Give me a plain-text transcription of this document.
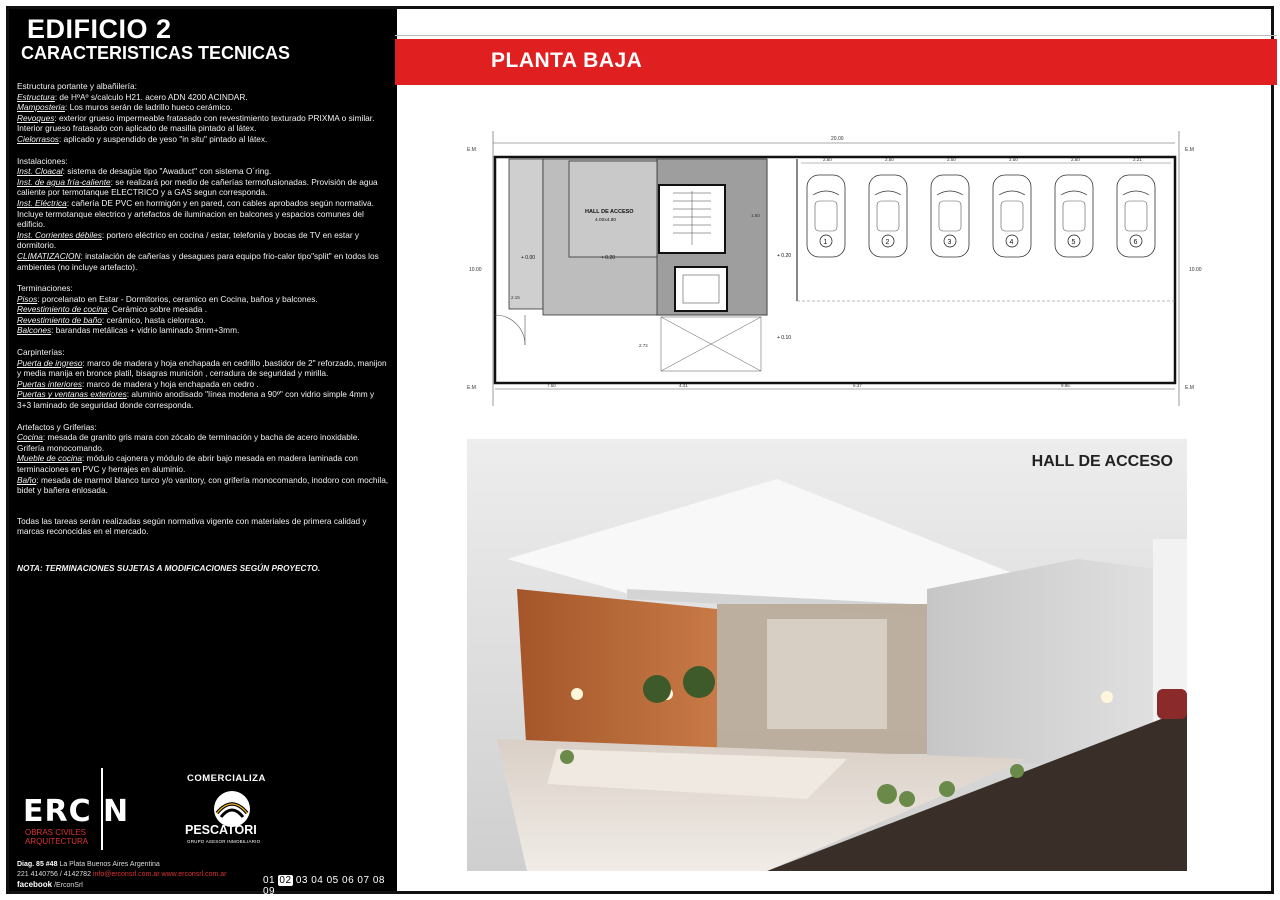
EDIFICIO 2
CARACTERISTICAS TECNICAS
Estructura portante y albañilería:
Estructura: de HºAº s/calculo H21. acero ADN 4200 ACINDAR.
Mamposteria: Los muros serán de ladrillo hueco cerámico.
Revoques: exterior grueso impermeable fratasado con revestimiento texturado PRIXMA o similar.
Interior grueso fratasado con aplicado de masilla pintado al látex.
Cielorrasos: aplicado y suspendido de yeso "in situ" pintado al látex.
Instalaciones:
Inst. Cloacal: sistema de desagüe tipo "Awaduct" con sistema O´ring.
Inst. de agua fría-caliente: se realizará por medio de cañerías termofusionadas. Provisión de agua caliente por termotanque ELECTRICO y a GAS segun corresponda.
Inst. Eléctrica: cañería DE PVC en hormigón y en pared, con cables aprobados según normativa. Incluye termotanque electrico y artefactos de iluminacion en balcones y espacios comunes del edificio.
Inst. Corrientes débiles: portero eléctrico en cocina / estar, telefonía y bocas de TV en estar y dormitorio.
CLIMATIZACION: instalación de cañerías y desagues para equipo frio-calor tipo"split" en todos los ambientes (no incluye artefacto).
Terminaciones:
Pisos: porcelanato en Estar - Dormitorios, ceramico en Cocina, baños y balcones.
Revestimiento de cocina: Cerámico sobre mesada .
Revestimiento de baño: cerámico, hasta cielorraso.
Balcones: barandas metálicas + vidrio laminado 3mm+3mm.
Carpinterías:
Puerta de ingreso: marco de madera y hoja enchapada en cedrillo ,bastidor de 2" reforzado, manijon y media manija en bronce platil, bisagras munición , cerradura de seguridad y mirilla.
Puertas interiores: marco de madera y hoja enchapada en cedro .
Puertas y ventanas exteriores: aluminio anodisado "línea modena a 90º" con vidrio simple 4mm y 3+3 laminado de seguridad donde corresponda.
Artefactos y Griferias:
Cocina: mesada de granito gris mara con zócalo de terminación y bacha de acero inoxidable. Grifería monocomando.
Mueble de cocina: módulo cajonera y módulo de abrir bajo mesada en madera laminada con terminaciones en PVC y herrajes en aluminio.
Baño: mesada de marmol blanco turco y/o vanitory, con grifería monocomando, inodoro con mochila, bidet y bañera enlosada.
Todas las tareas serán realizadas según normativa vigente con materiales de primera calidad y marcas reconocidas en el mercado.
NOTA: TERMINACIONES SUJETAS A MODIFICACIONES SEGÚN PROYECTO.
ERC N
OBRAS CIVILES
ARQUITECTURA
COMERCIALIZA
PESCATORI
GRUPO ASESOR INMOBILIARIO
Diag. 85 #48 La Plata Buenos Aires Argentina
221 4140756 / 4142782 info@erconsrl.com.ar www.erconsrl.com.ar
facebook /ErconSrl	01 02 03 04 05 06 07 08 09
PLANTA BAJA
20.00
E.M	E.M
E.M	E.M
10.00	10.00
HALL DE ACCESO
4.00x4.80
+ 0.00	+ 0.20	+ 0.20
+ 0.10
1.50
2.15
2.72
2.50	2.50	2.50	2.50	2.50	2.21
1	2	3	4	5	6
7.50	4.41	6.37	9.86
HALL DE ACCESO
